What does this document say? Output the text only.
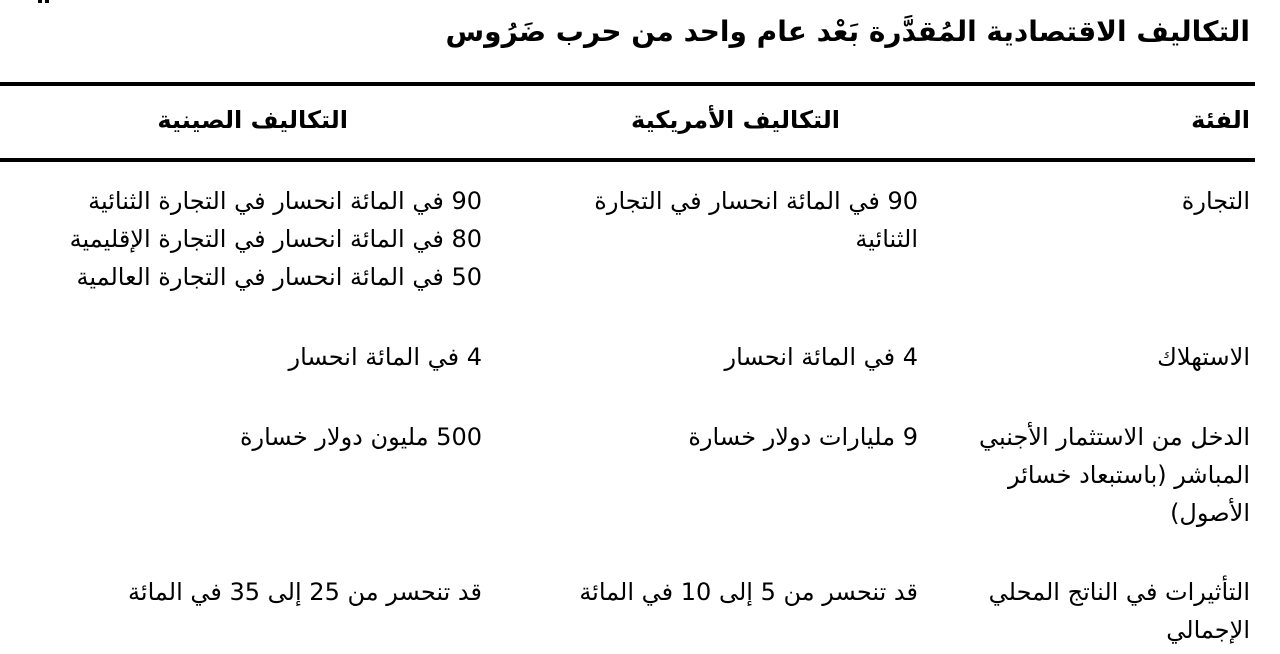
التكاليف الاقتصادية المُقدَّرة بَعْد عام واحد من حرب ضَرُوس
الفئة
التكاليف الأمريكية
التكاليف الصينية
التجارة
90 في المائة انحسار في التجارة
الثنائية
90 في المائة انحسار في التجارة الثنائية
80 في المائة انحسار في التجارة الإقليمية
50 في المائة انحسار في التجارة العالمية
الاستهلاك
4 في المائة انحسار
4 في المائة انحسار
الدخل من الاستثمار الأجنبي
المباشر (باستبعاد خسائر
الأصول)
9 مليارات دولار خسارة
500 مليون دولار خسارة
التأثيرات في الناتج المحلي
الإجمالي
قد تنحسر من 5 إلى 10 في المائة
قد تنحسر من 25 إلى 35 في المائة
